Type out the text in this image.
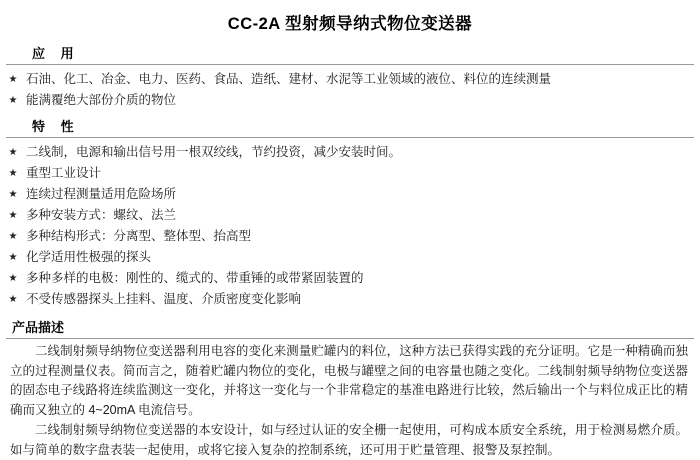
CC-2A 型射频导纳式物位变送器
应 用
★ 石油、化工、冶金、电力、医药、食品、造纸、建材、水泥等工业领域的液位、料位的连续测量
★ 能满覆绝大部份介质的物位
特 性
★ 二线制，电源和输出信号用一根双绞线，节约投资，减少安装时间。
★ 重型工业设计
★ 连续过程测量适用危险场所
★ 多种安装方式：螺纹、法兰
★ 多种结构形式：分离型、整体型、抬高型
★ 化学适用性极强的探头
★ 多种多样的电极：刚性的、缆式的、带重锤的或带紧固装置的
★ 不受传感器探头上挂料、温度、介质密度变化影响
产品描述

二线制射频导纳物位变送器利用电容的变化来测量贮罐内的料位，这种方法已获得实践的充分证明。它是一种精确而独立的过程测量仪表。简而言之，随着贮罐内物位的变化，电极与罐壁之间的电容量也随之变化。二线制射频导纳物位变送器的固态电子线路将连续监测这一变化，并将这一变化与一个非常稳定的基准电路进行比较，然后输出一个与料位成正比的精确而又独立的 4~20mA 电流信号。

二线制射频导纳物位变送器的本安设计，如与经过认证的安全栅一起使用，可构成本质安全系统，用于检测易燃介质。如与简单的数字盘表装一起使用，或将它接入复杂的控制系统，还可用于贮量管理、报警及泵控制。
